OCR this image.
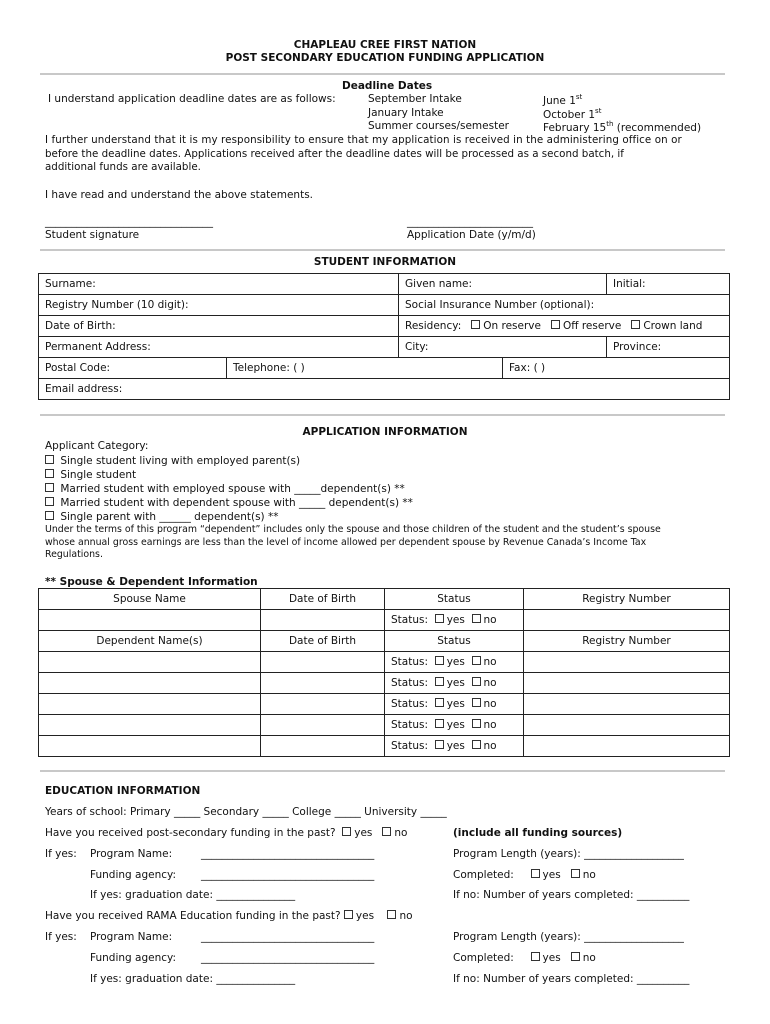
CHAPLEAU CREE FIRST NATION
POST SECONDARY EDUCATION FUNDING APPLICATION
Deadline Dates
I understand application deadline dates are as follows:	September Intake	June 1st
January Intake	October 1st
Summer courses/semester	February 15th (recommended)
I further understand that it is my responsibility to ensure that my application is received in the administering office on or
before the deadline dates. Applications received after the deadline dates will be processed as a second batch, if
additional funds are available.
I have read and understand the above statements.
________________________________	________________________
Student signature	Application Date (y/m/d)
STUDENT INFORMATION
Surname:		Given name:		Initial:
Registry Number (10 digit):		Social Insurance Number (optional):		
Date of Birth:		Residency: On reserve Off reserve Crown land		
Permanent Address:		City:		Province:
Postal Code:	Telephone: ( )		Fax: ( )	
Email address:				
APPLICATION INFORMATION
Applicant Category:
Single student living with employed parent(s)
Single student
Married student with employed spouse with _____dependent(s) **
Married student with dependent spouse with _____ dependent(s) **
Single parent with ______ dependent(s) **
Under the terms of this program “dependent” includes only the spouse and those children of the student and the student’s spouse
whose annual gross earnings are less than the level of income allowed per dependent spouse by Revenue Canada’s Income Tax
Regulations.
** Spouse & Dependent Information
Spouse Name	Date of Birth	Status	Registry Number
		Status: yes no	
Dependent Name(s)	Date of Birth	Status	Registry Number
		Status: yes no	
		Status: yes no	
		Status: yes no	
		Status: yes no	
		Status: yes no	
EDUCATION INFORMATION
Years of school: Primary _____ Secondary _____ College _____ University _____
Have you received post-secondary funding in the past? yes no	(include all funding sources)
If yes: Program Name:	_________________________________	Program Length (years): ___________________
Funding agency: _________________________________	Completed:	yes no
If yes: graduation date: _______________	If no: Number of years completed: __________
Have you received RAMA Education funding in the past? yes no
If yes: Program Name:	_________________________________	Program Length (years): ___________________
Funding agency: _________________________________	Completed:	yes no
If yes: graduation date: _______________	If no: Number of years completed: __________
